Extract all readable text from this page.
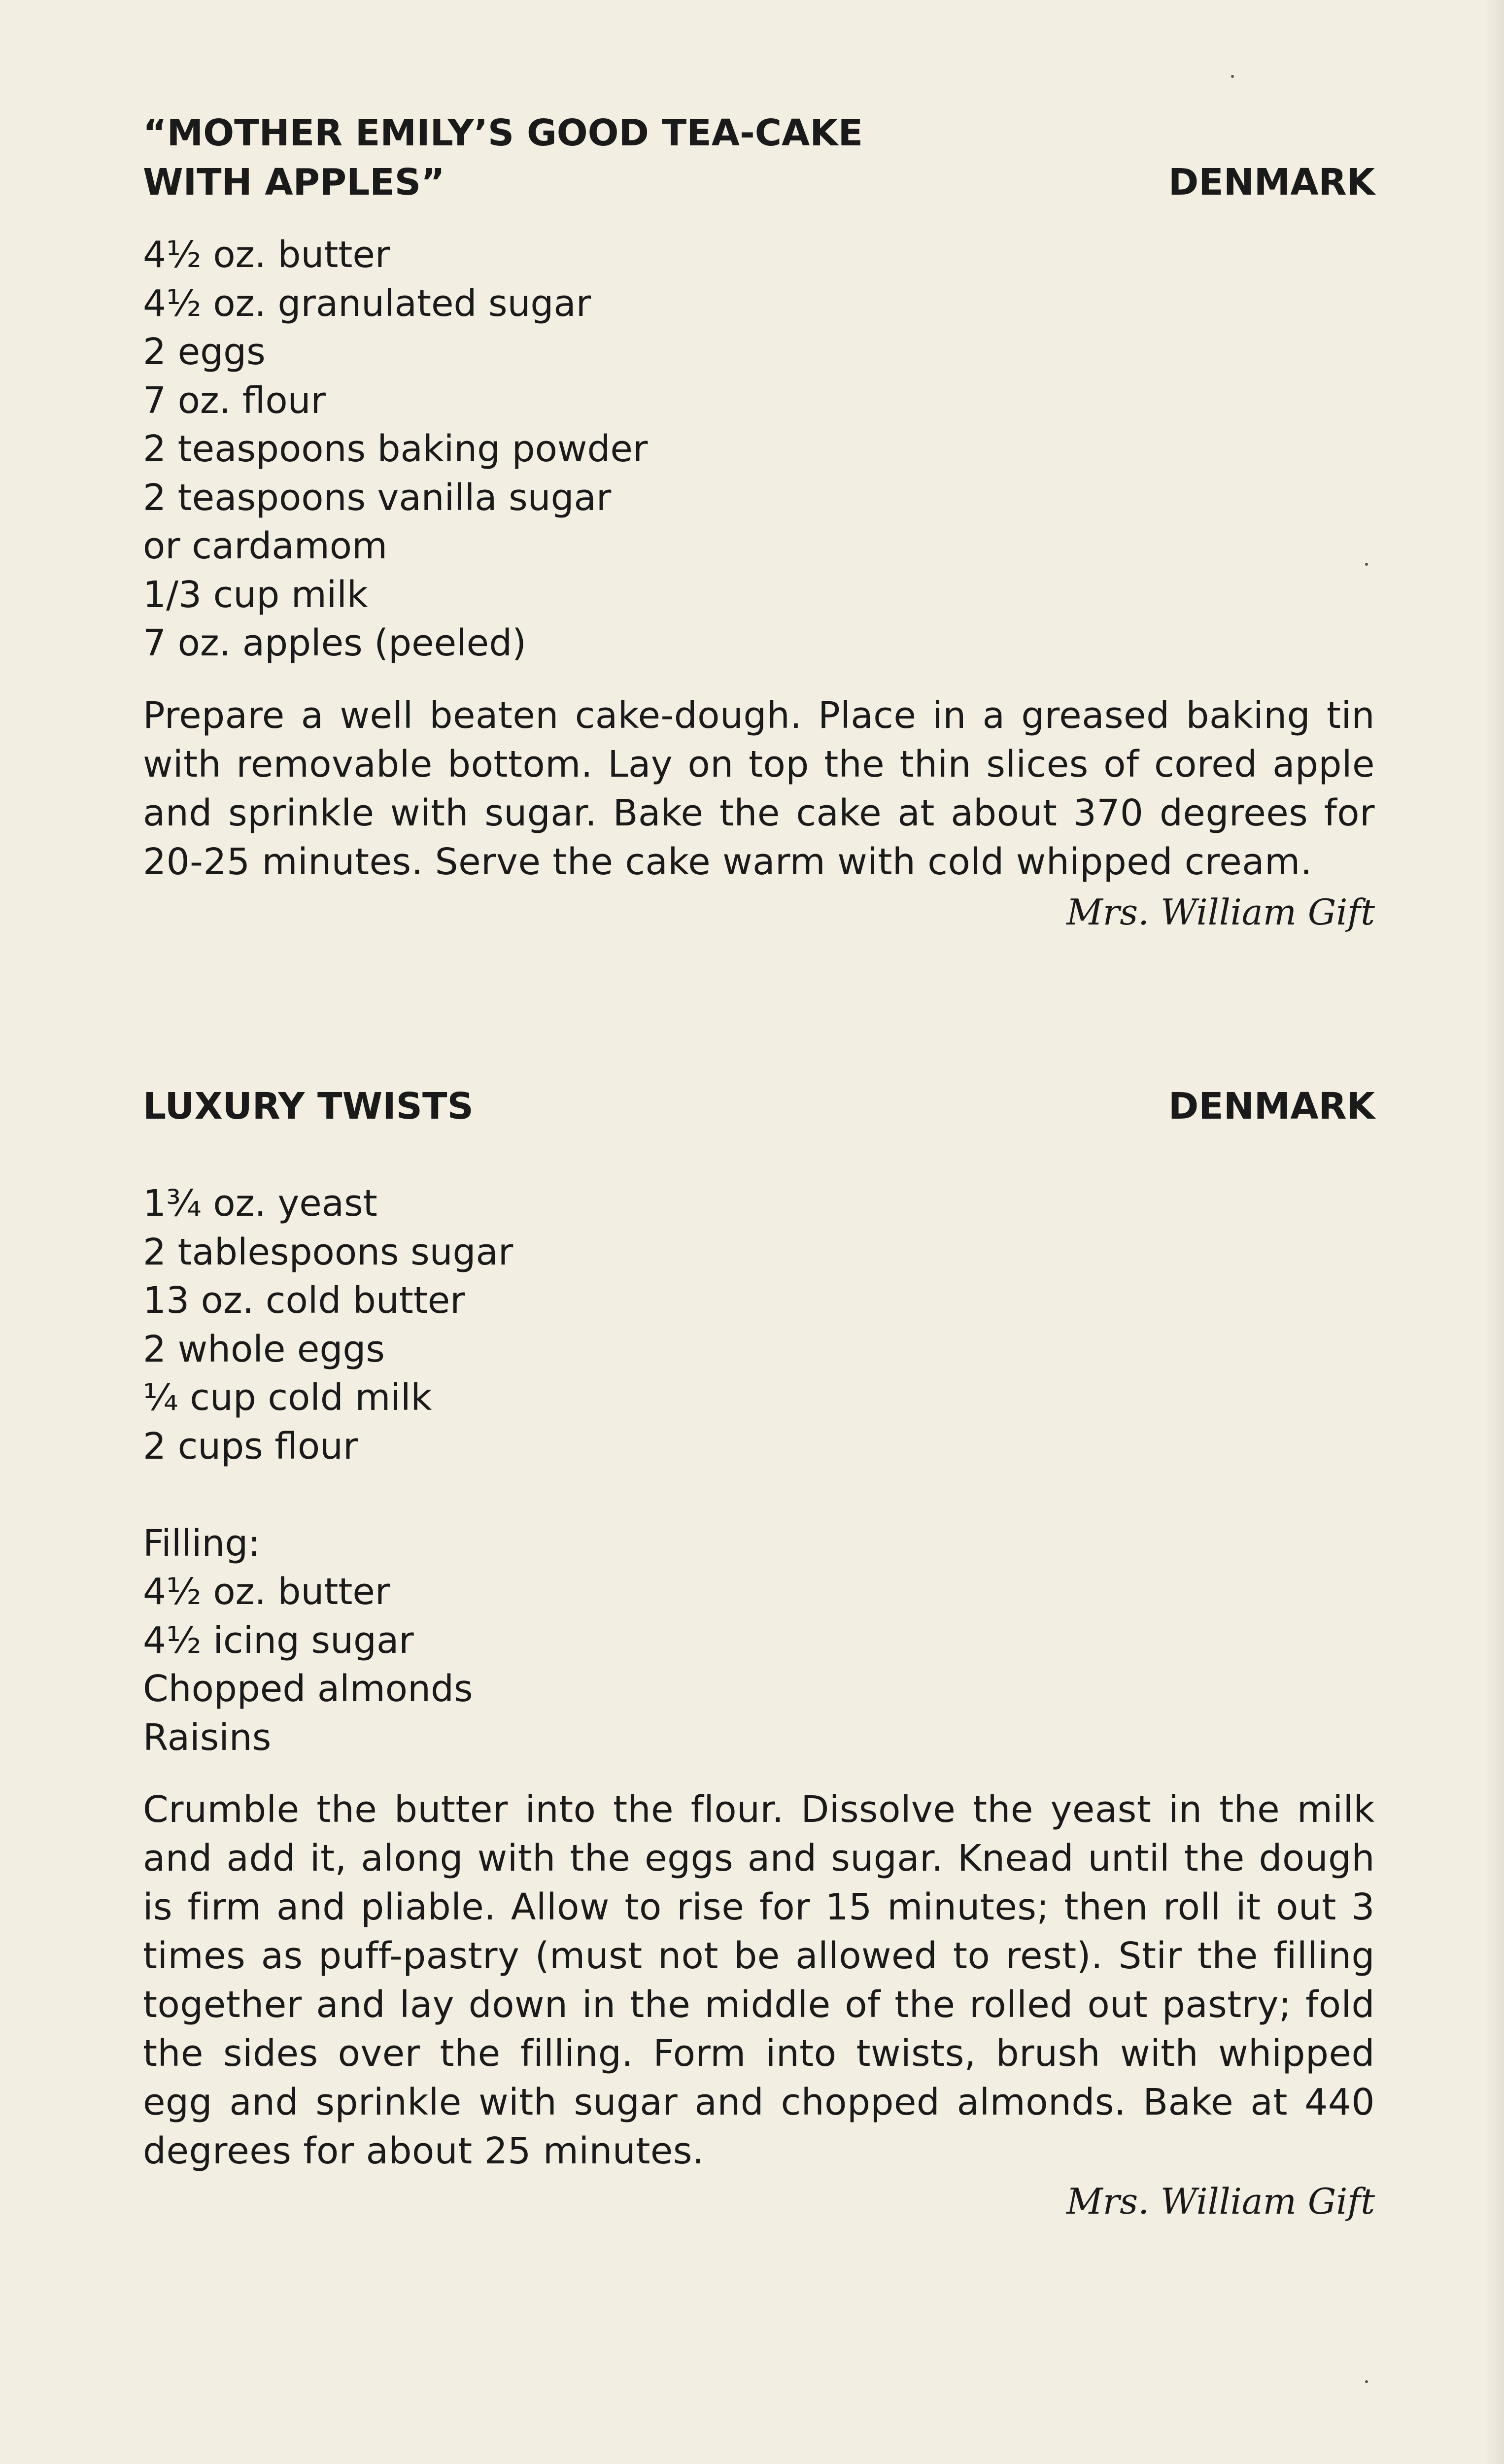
“MOTHER EMILY’S GOOD TEA-CAKE
WITH APPLES”	DENMARK
4½ oz. butter
4½ oz. granulated sugar
2 eggs
7 oz. flour
2 teaspoons baking powder
2 teaspoons vanilla sugar
or cardamom
1/3 cup milk
7 oz. apples (peeled)

Prepare a well beaten cake-dough. Place in a greased baking tin with removable bottom. Lay on top the thin slices of cored apple and sprinkle with sugar. Bake the cake at about 370 degrees for 20-25 minutes. Serve the cake warm with cold whipped cream.

Mrs. William Gift
LUXURY TWISTS	DENMARK
1¾ oz. yeast
2 tablespoons sugar
13 oz. cold butter
2 whole eggs
¼ cup cold milk
2 cups flour
Filling:
4½ oz. butter
4½ icing sugar
Chopped almonds
Raisins

Crumble the butter into the flour. Dissolve the yeast in the milk and add it, along with the eggs and sugar. Knead until the dough is firm and pliable. Allow to rise for 15 minutes; then roll it out 3 times as puff-pastry (must not be allowed to rest). Stir the filling together and lay down in the middle of the rolled out pastry; fold the sides over the filling. Form into twists, brush with whipped egg and sprinkle with sugar and chopped almonds. Bake at 440 degrees for about 25 minutes.

Mrs. William Gift
